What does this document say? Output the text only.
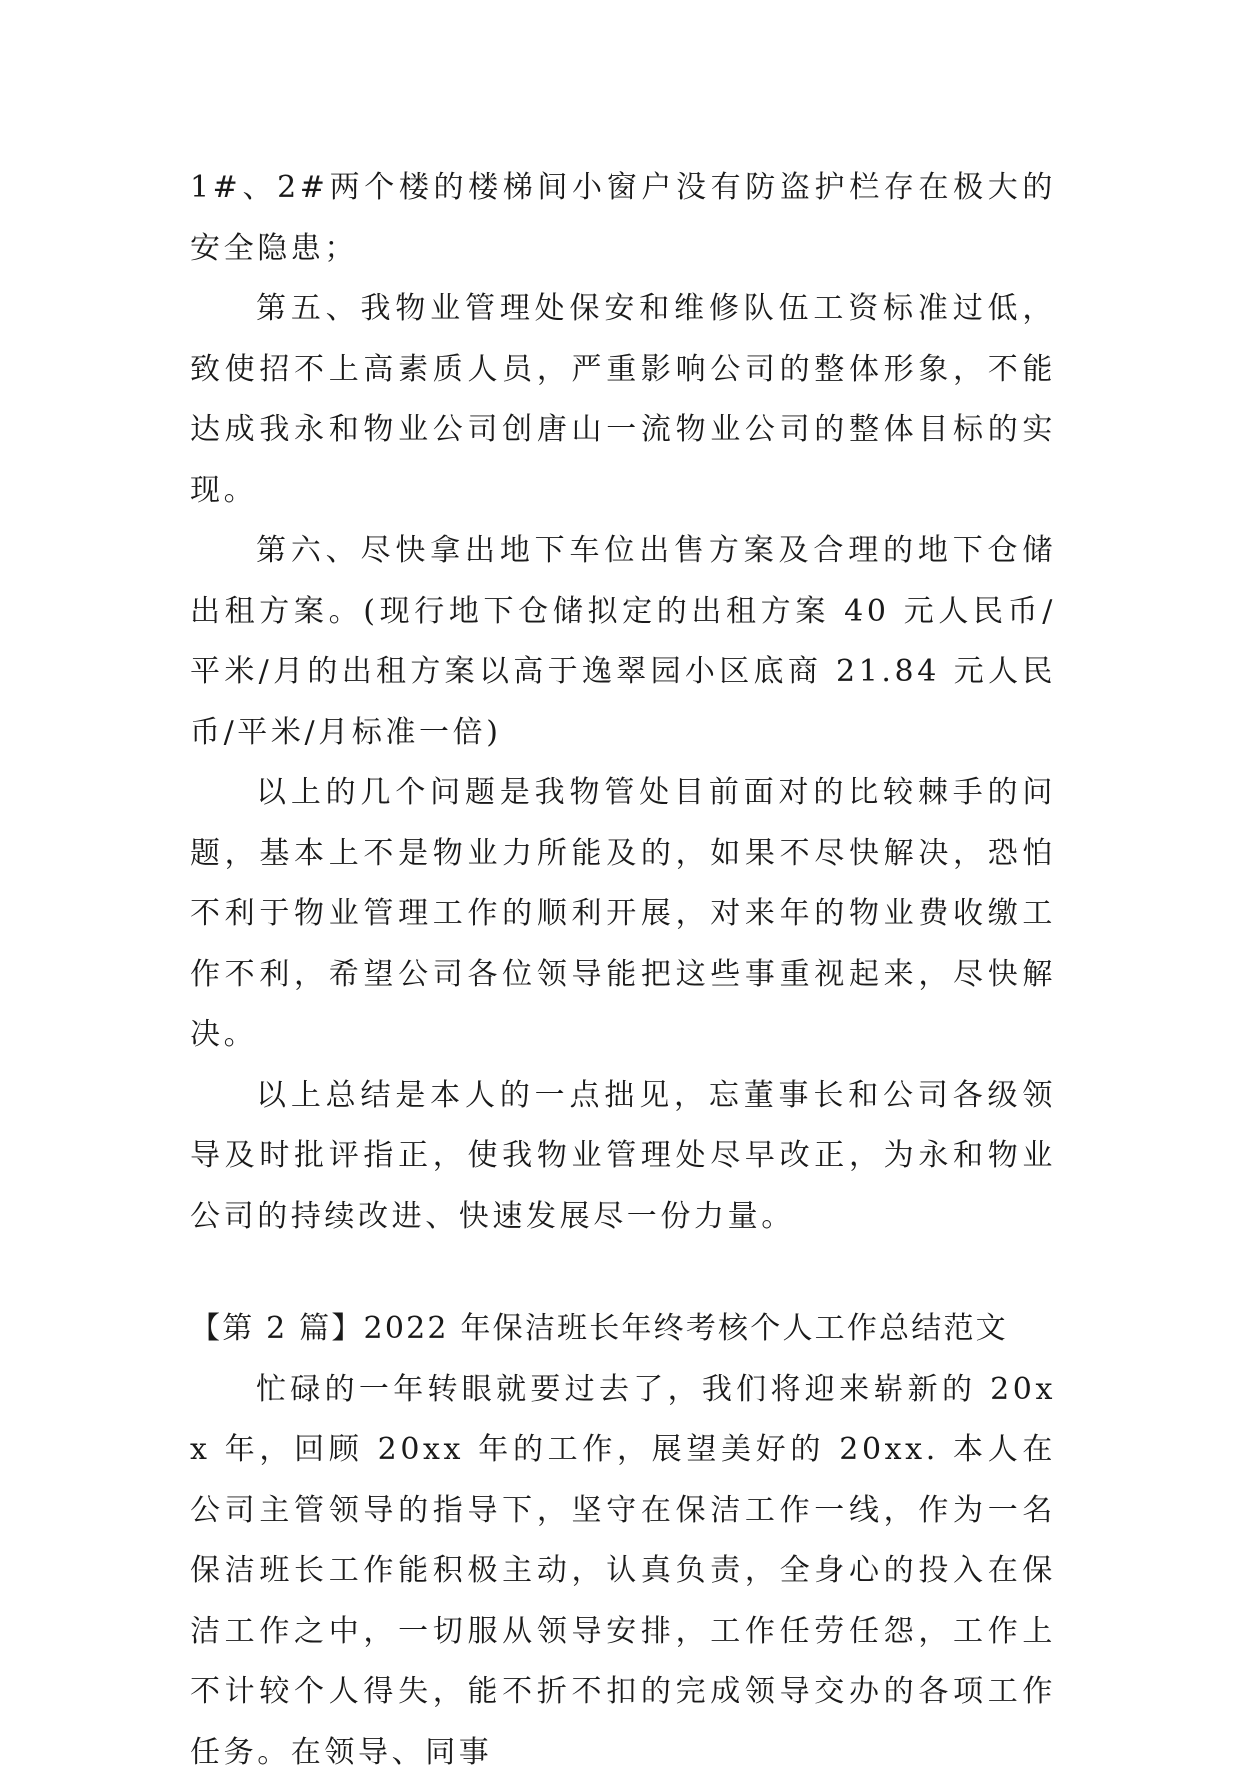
1#、2#两个楼的楼梯间小窗户没有防盗护栏存在极大的安全隐患；

第五、我物业管理处保安和维修队伍工资标准过低，致使招不上高素质人员，严重影响公司的整体形象，不能达成我永和物业公司创唐山一流物业公司的整体目标的实现。

第六、尽快拿出地下车位出售方案及合理的地下仓储出租方案。(现行地下仓储拟定的出租方案 40 元人民币/平米/月的出租方案以高于逸翠园小区底商 21.84 元人民币/平米/月标准一倍)

以上的几个问题是我物管处目前面对的比较棘手的问题，基本上不是物业力所能及的，如果不尽快解决，恐怕不利于物业管理工作的顺利开展，对来年的物业费收缴工作不利，希望公司各位领导能把这些事重视起来，尽快解决。

以上总结是本人的一点拙见，忘董事长和公司各级领导及时批评指正，使我物业管理处尽早改正，为永和物业公司的持续改进、快速发展尽一份力量。

【第 2 篇】2022 年保洁班长年终考核个人工作总结范文

忙碌的一年转眼就要过去了，我们将迎来崭新的 20xx 年，回顾 20xx 年的工作，展望美好的 20xx. 本人在公司主管领导的指导下，坚守在保洁工作一线，作为一名保洁班长工作能积极主动，认真负责，全身心的投入在保洁工作之中，一切服从领导安排，工作任劳任怨，工作上不计较个人得失，能不折不扣的完成领导交办的各项工作任务。在领导、同事
